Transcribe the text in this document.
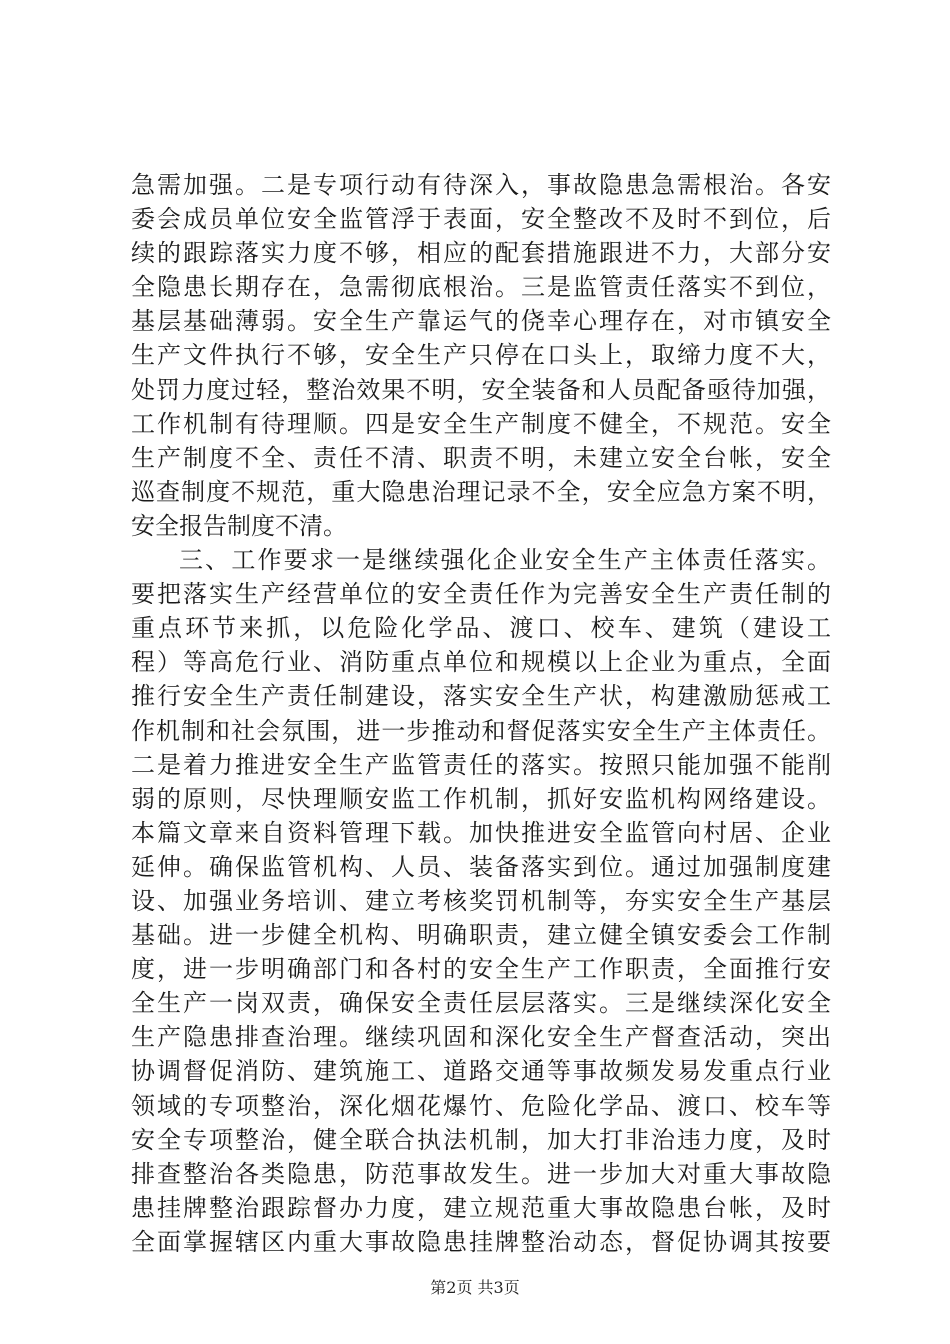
急需加强。二是专项行动有待深入，事故隐患急需根治。各安
委会成员单位安全监管浮于表面，安全整改不及时不到位，后
续的跟踪落实力度不够，相应的配套措施跟进不力，大部分安
全隐患长期存在，急需彻底根治。三是监管责任落实不到位，
基层基础薄弱。安全生产靠运气的侥幸心理存在，对市镇安全
生产文件执行不够，安全生产只停在口头上，取缔力度不大，
处罚力度过轻，整治效果不明，安全装备和人员配备亟待加强，
工作机制有待理顺。四是安全生产制度不健全，不规范。安全
生产制度不全、责任不清、职责不明，未建立安全台帐，安全
巡查制度不规范，重大隐患治理记录不全，安全应急方案不明，
安全报告制度不清。
三、工作要求一是继续强化企业安全生产主体责任落实。
要把落实生产经营单位的安全责任作为完善安全生产责任制的
重点环节来抓，以危险化学品、渡口、校车、建筑（建设工
程）等高危行业、消防重点单位和规模以上企业为重点，全面
推行安全生产责任制建设，落实安全生产状，构建激励惩戒工
作机制和社会氛围，进一步推动和督促落实安全生产主体责任。
二是着力推进安全生产监管责任的落实。按照只能加强不能削
弱的原则，尽快理顺安监工作机制，抓好安监机构网络建设。
本篇文章来自资料管理下载。加快推进安全监管向村居、企业
延伸。确保监管机构、人员、装备落实到位。通过加强制度建
设、加强业务培训、建立考核奖罚机制等，夯实安全生产基层
基础。进一步健全机构、明确职责，建立健全镇安委会工作制
度，进一步明确部门和各村的安全生产工作职责，全面推行安
全生产一岗双责，确保安全责任层层落实。三是继续深化安全
生产隐患排查治理。继续巩固和深化安全生产督查活动，突出
协调督促消防、建筑施工、道路交通等事故频发易发重点行业
领域的专项整治，深化烟花爆竹、危险化学品、渡口、校车等
安全专项整治，健全联合执法机制，加大打非治违力度，及时
排查整治各类隐患，防范事故发生。进一步加大对重大事故隐
患挂牌整治跟踪督办力度，建立规范重大事故隐患台帐，及时
全面掌握辖区内重大事故隐患挂牌整治动态，督促协调其按要
第2页 共3页
